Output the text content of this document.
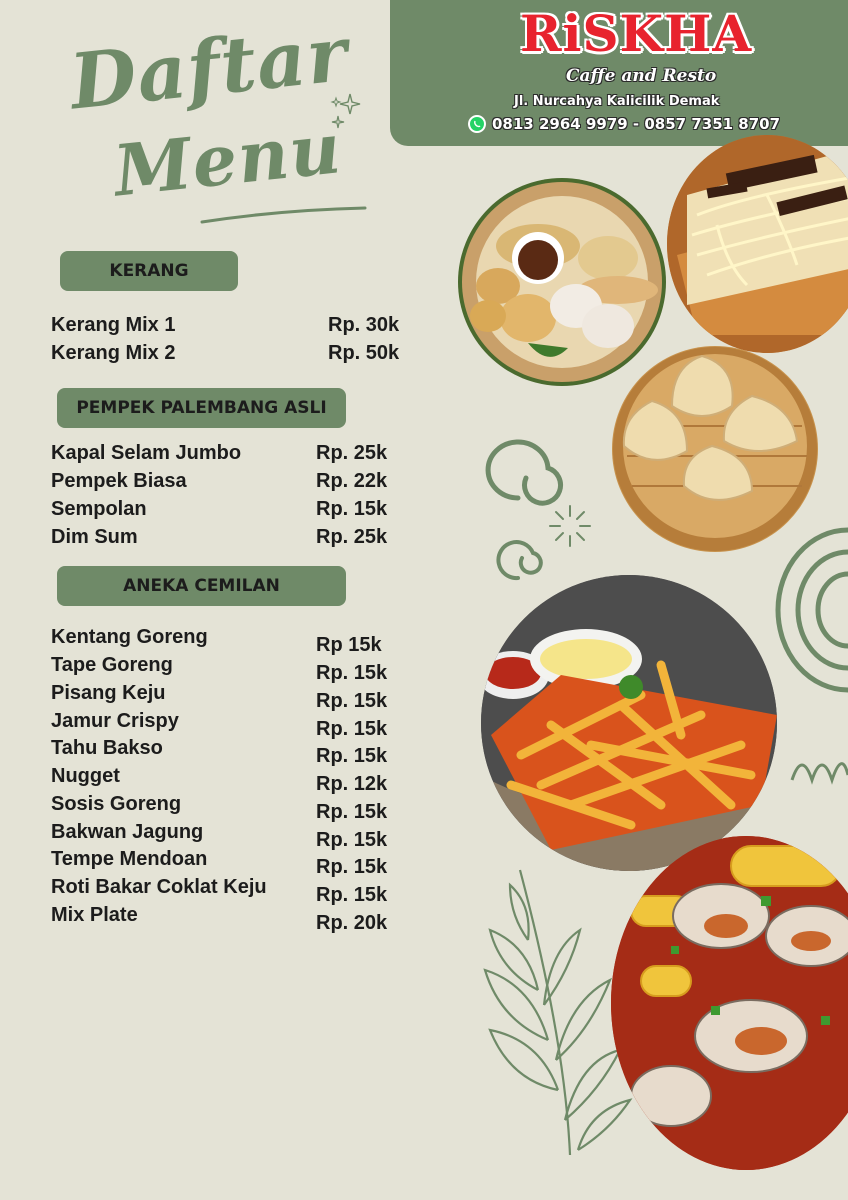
Daftar
Menu
RiSKHA
Caffe and Resto
Jl. Nurcahya Kalicilik Demak
0813 2964 9979 - 0857 7351 8707
KERANG
Kerang Mix 1	Rp. 30k
Kerang Mix 2	Rp. 50k
PEMPEK PALEMBANG ASLI
Kapal Selam Jumbo	Rp. 25k
Pempek Biasa	Rp. 22k
Sempolan	Rp. 15k
Dim Sum	Rp. 25k
ANEKA CEMILAN
Kentang Goreng	Rp 15k
Tape Goreng	Rp. 15k
Pisang Keju	Rp. 15k
Jamur Crispy	Rp. 15k
Tahu Bakso	Rp. 15k
Nugget	Rp. 12k
Sosis Goreng	Rp. 15k
Bakwan Jagung	Rp. 15k
Tempe Mendoan	Rp. 15k
Roti Bakar Coklat Keju Rp. 15k
Mix Plate	Rp. 20k
